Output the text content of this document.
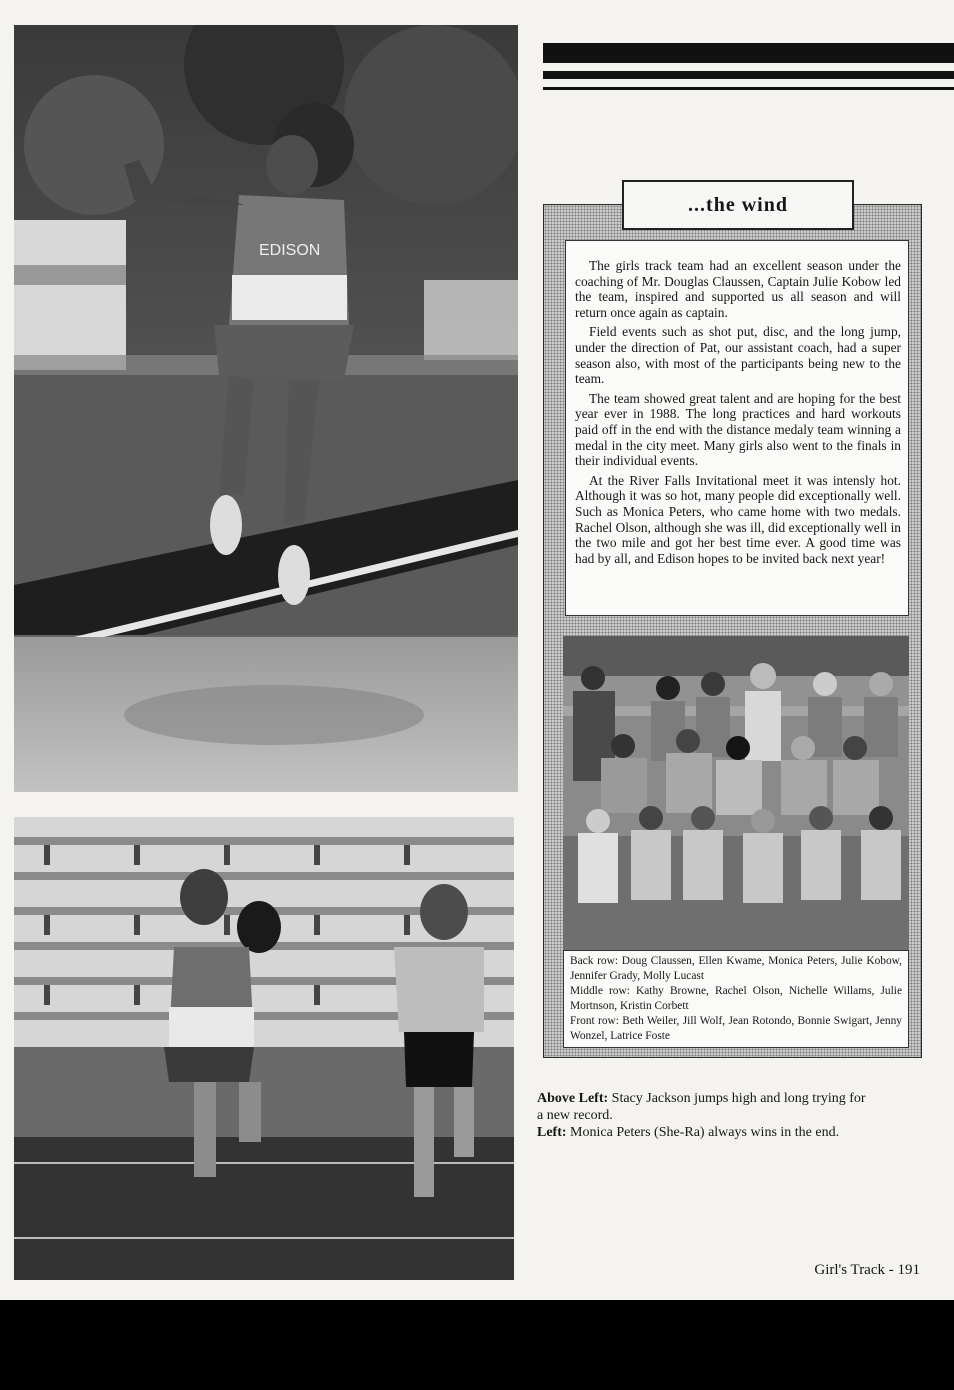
EDISON
...the wind

The girls track team had an excellent season under the coaching of Mr. Douglas Claussen, Captain Julie Kobow led the team, inspired and supported us all season and will return once again as captain.

Field events such as shot put, disc, and the long jump, under the direction of Pat, our assistant coach, had a super season also, with most of the participants being new to the team.

The team showed great talent and are hoping for the best year ever in 1988. The long practices and hard workouts paid off in the end with the distance medaly team winning a medal in the city meet. Many girls also went to the finals in their individual events.

At the River Falls Invitational meet it was intensly hot. Although it was so hot, many people did exceptionally well. Such as Monica Peters, who came home with two medals. Rachel Olson, although she was ill, did exceptionally well in the two mile and got her best time ever. A good time was had by all, and Edison hopes to be invited back next year!

Back row: Doug Claussen, Ellen Kwame, Monica Peters, Julie Kobow, Jennifer Grady, Molly Lucast
Middle row: Kathy Browne, Rachel Olson, Nichelle Willams, Julie Mortnson, Kristin Corbett
Front row: Beth Weiler, Jill Wolf, Jean Rotondo, Bonnie Swigart, Jenny Wonzel, Latrice Foste
Above Left: Stacy Jackson jumps high and long trying for a new record.
Left: Monica Peters (She-Ra) always wins in the end.
Girl's Track - 191
